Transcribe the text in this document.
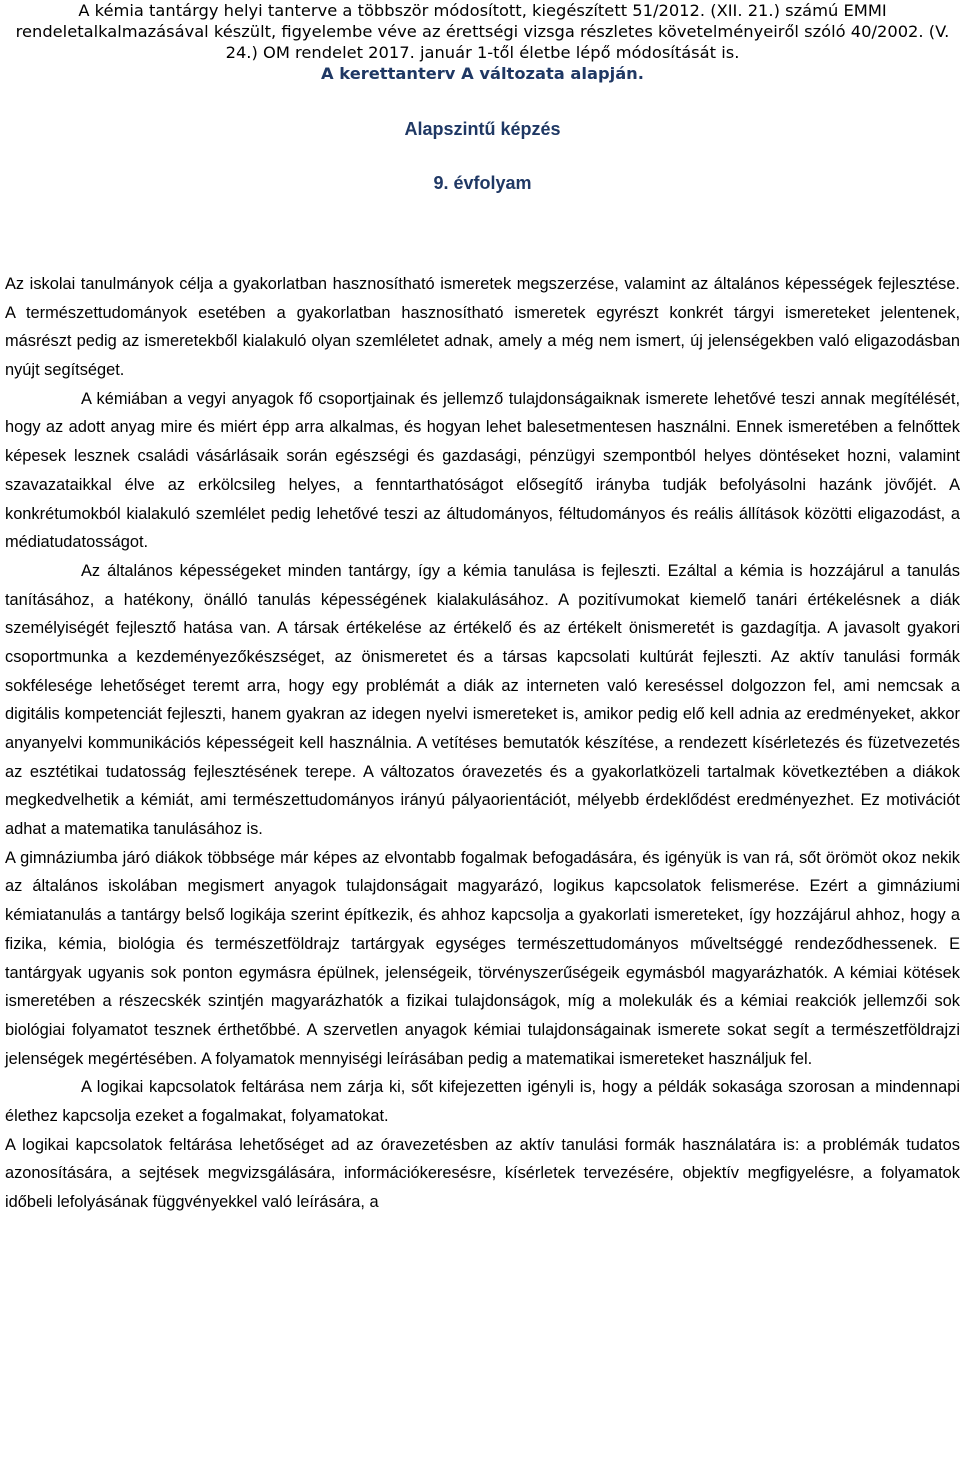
A kémia tantárgy helyi tanterve a többször módosított, kiegészített 51/2012. (XII. 21.) számú EMMI rendeletalkalmazásával készült, figyelembe véve az érettségi vizsga részletes követelményeiről szóló 40/2002. (V. 24.) OM rendelet 2017. január 1-től életbe lépő módosítását is.

A kerettanterv A változata alapján.

Alapszintű képzés

9. évfolyam

Az iskolai tanulmányok célja a gyakorlatban hasznosítható ismeretek megszerzése, valamint az általános képességek fejlesztése. A természettudományok esetében a gyakorlatban hasznosítható ismeretek egyrészt konkrét tárgyi ismereteket jelentenek, másrészt pedig az ismeretekből kialakuló olyan szemléletet adnak, amely a még nem ismert, új jelenségekben való eligazodásban nyújt segítséget.

A kémiában a vegyi anyagok fő csoportjainak és jellemző tulajdonságaiknak ismerete lehetővé teszi annak megítélését, hogy az adott anyag mire és miért épp arra alkalmas, és hogyan lehet balesetmentesen használni. Ennek ismeretében a felnőttek képesek lesznek családi vásárlásaik során egészségi és gazdasági, pénzügyi szempontból helyes döntéseket hozni, valamint szavazataikkal élve az erkölcsileg helyes, a fenntarthatóságot elősegítő irányba tudják befolyásolni hazánk jövőjét. A konkrétumokból kialakuló szemlélet pedig lehetővé teszi az áltudományos, féltudományos és reális állítások közötti eligazodást, a médiatudatosságot.

Az általános képességeket minden tantárgy, így a kémia tanulása is fejleszti. Ezáltal a kémia is hozzájárul a tanulás tanításához, a hatékony, önálló tanulás képességének kialakulásához. A pozitívumokat kiemelő tanári értékelésnek a diák személyiségét fejlesztő hatása van. A társak értékelése az értékelő és az értékelt önismeretét is gazdagítja. A javasolt gyakori csoportmunka a kezdeményezőkészséget, az önismeretet és a társas kapcsolati kultúrát fejleszti. Az aktív tanulási formák sokfélesége lehetőséget teremt arra, hogy egy problémát a diák az interneten való kereséssel dolgozzon fel, ami nemcsak a digitális kompetenciát fejleszti, hanem gyakran az idegen nyelvi ismereteket is, amikor pedig elő kell adnia az eredményeket, akkor anyanyelvi kommunikációs képességeit kell használnia. A vetítéses bemutatók készítése, a rendezett kísérletezés és füzetvezetés az esztétikai tudatosság fejlesztésének terepe. A változatos óravezetés és a gyakorlatközeli tartalmak következtében a diákok megkedvelhetik a kémiát, ami természettudományos irányú pályaorientációt, mélyebb érdeklődést eredményezhet. Ez motivációt adhat a matematika tanulásához is.

A gimnáziumba járó diákok többsége már képes az elvontabb fogalmak befogadására, és igényük is van rá, sőt örömöt okoz nekik az általános iskolában megismert anyagok tulajdonságait magyarázó, logikus kapcsolatok felismerése. Ezért a gimnáziumi kémiatanulás a tantárgy belső logikája szerint építkezik, és ahhoz kapcsolja a gyakorlati ismereteket, így hozzájárul ahhoz, hogy a fizika, kémia, biológia és természetföldrajz tartárgyak egységes természettudományos műveltséggé rendeződhessenek. E tantárgyak ugyanis sok ponton egymásra épülnek, jelenségeik, törvényszerűségeik egymásból magyarázhatók. A kémiai kötések ismeretében a részecskék szintjén magyarázhatók a fizikai tulajdonságok, míg a molekulák és a kémiai reakciók jellemzői sok biológiai folyamatot tesznek érthetőbbé. A szervetlen anyagok kémiai tulajdonságainak ismerete sokat segít a természetföldrajzi jelenségek megértésében. A folyamatok mennyiségi leírásában pedig a matematikai ismereteket használjuk fel.

A logikai kapcsolatok feltárása nem zárja ki, sőt kifejezetten igényli is, hogy a példák sokasága szorosan a mindennapi élethez kapcsolja ezeket a fogalmakat, folyamatokat.

A logikai kapcsolatok feltárása lehetőséget ad az óravezetésben az aktív tanulási formák használatára is: a problémák tudatos azonosítására, a sejtések megvizsgálására, információkeresésre, kísérletek tervezésére, objektív megfigyelésre, a folyamatok időbeli lefolyásának függvényekkel való leírására, a
